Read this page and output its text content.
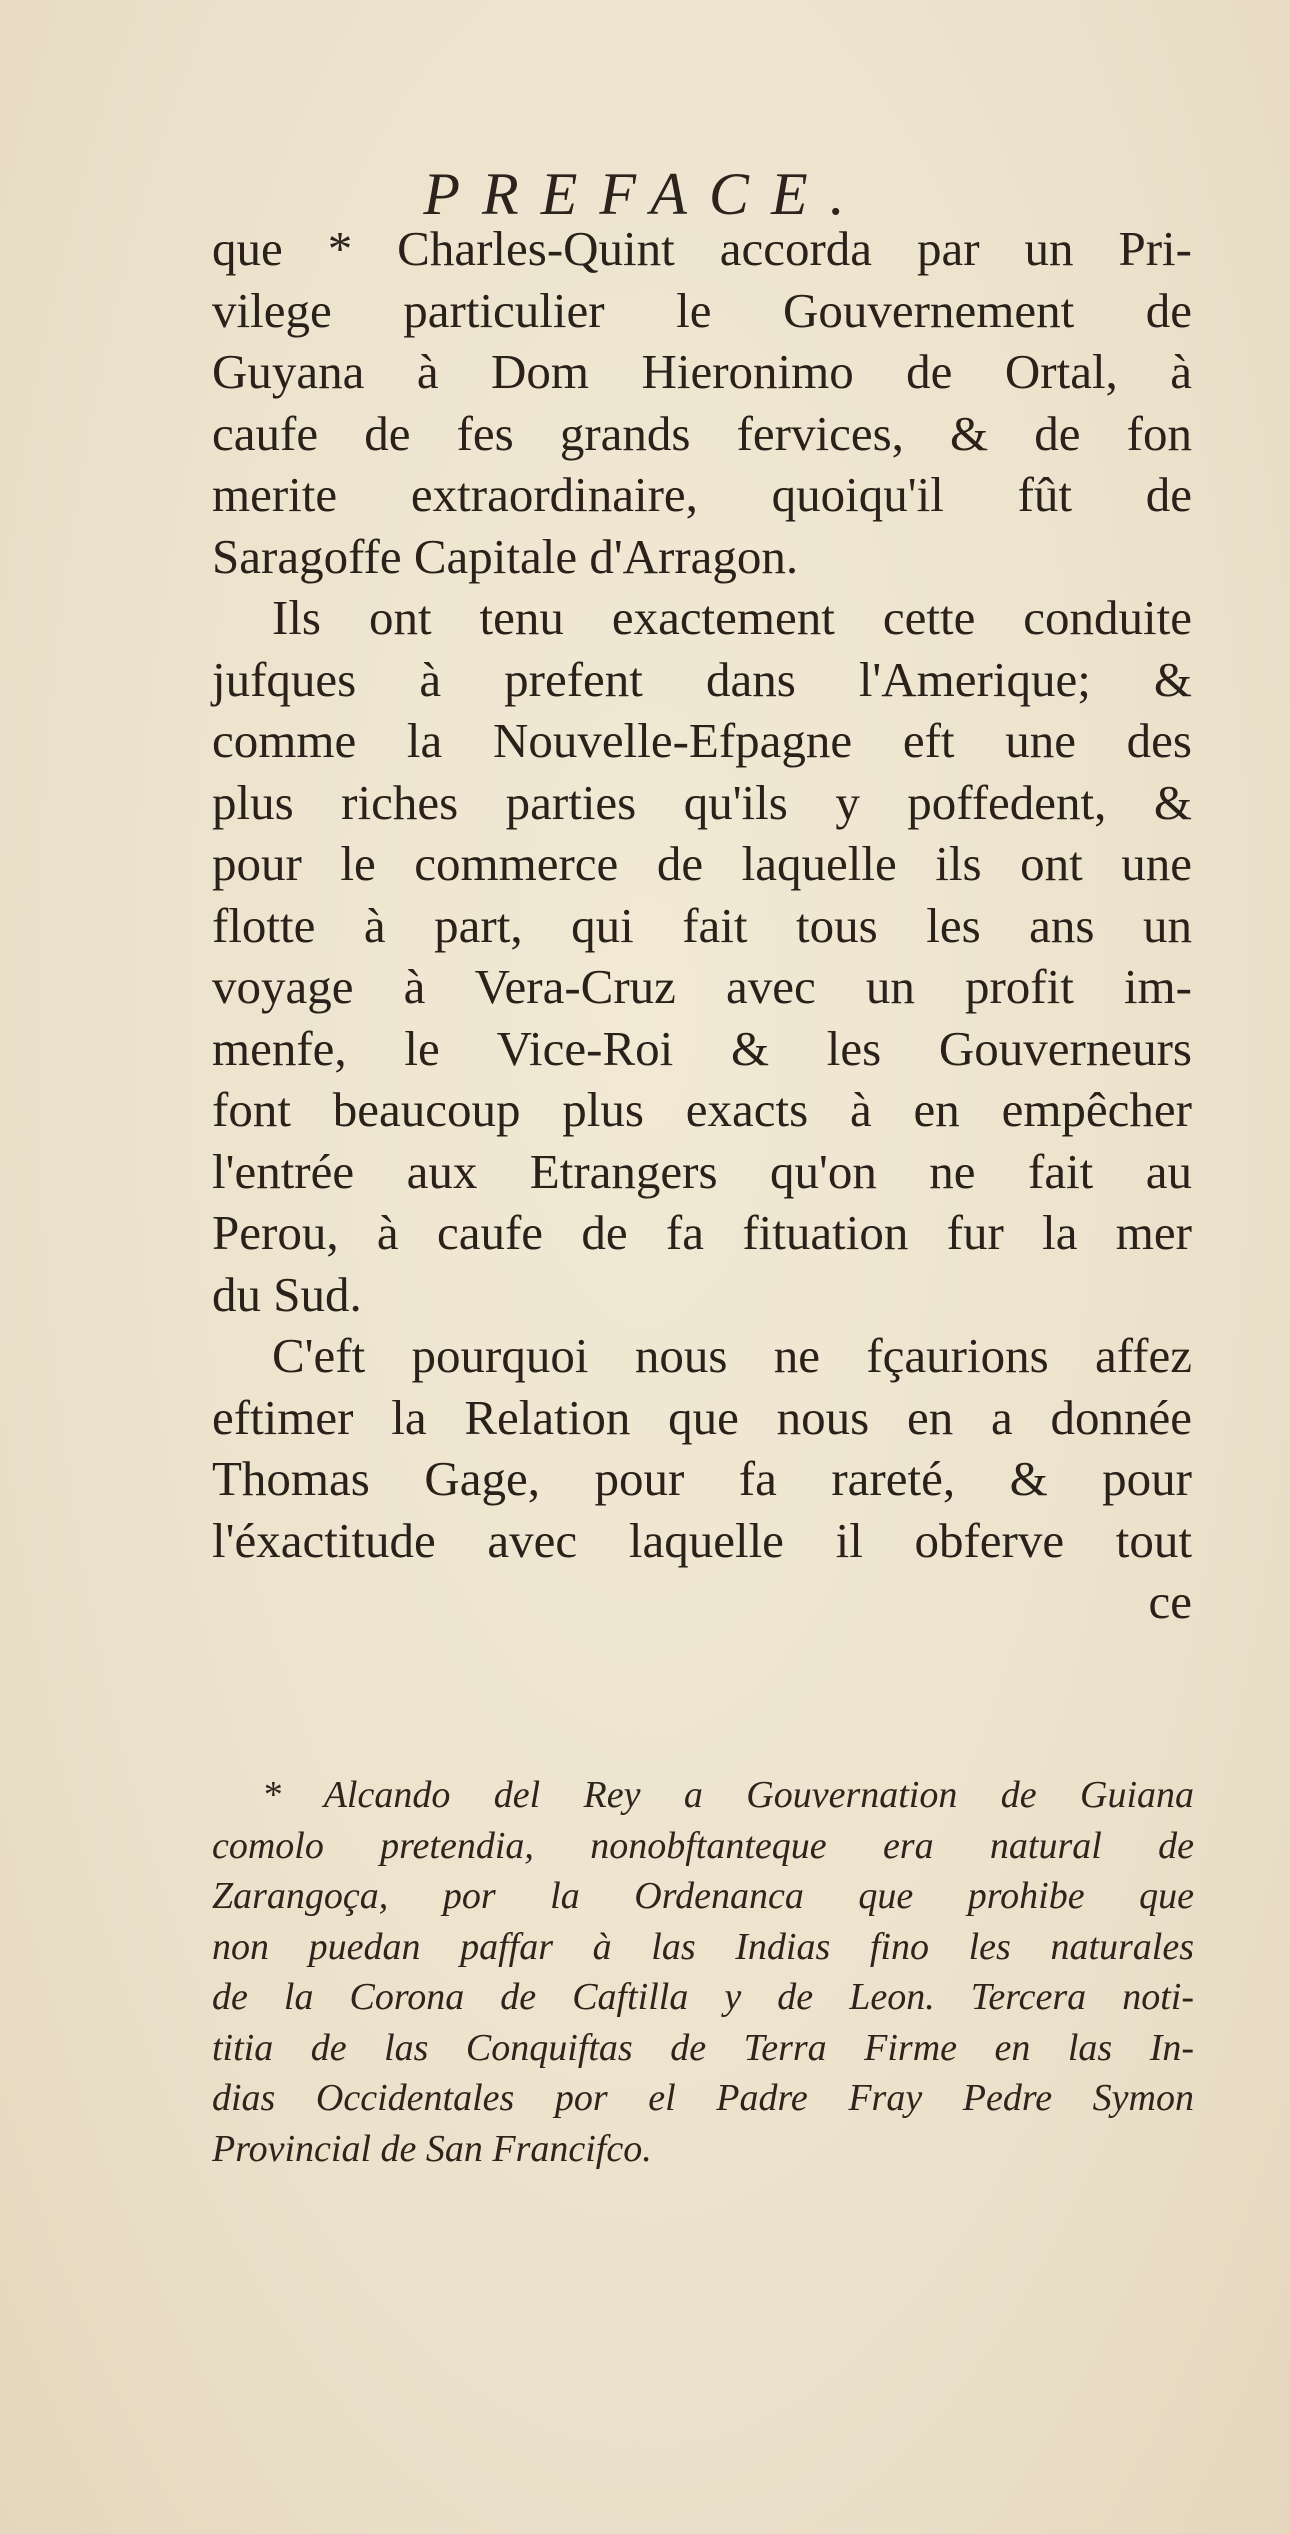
PREFACE.
que * Charles-Quint accorda par un Pri-
vilege particulier le Gouvernement de
Guyana à Dom Hieronimo de Ortal, à
caufe de fes grands fervices, & de fon
merite extraordinaire, quoiqu'il fût de
Saragoffe Capitale d'Arragon.
Ils ont tenu exactement cette conduite
jufques à prefent dans l'Amerique; &
comme la Nouvelle-Efpagne eft une des
plus riches parties qu'ils y poffedent, &
pour le commerce de laquelle ils ont une
flotte à part, qui fait tous les ans un
voyage à Vera-Cruz avec un profit im-
menfe, le Vice-Roi & les Gouverneurs
font beaucoup plus exacts à en empêcher
l'entrée aux Etrangers qu'on ne fait au
Perou, à caufe de fa fituation fur la mer
du Sud.
C'eft pourquoi nous ne fçaurions affez
eftimer la Relation que nous en a donnée
Thomas Gage, pour fa rareté, & pour
l'éxactitude avec laquelle il obferve tout
ce
* Alcando del Rey a Gouvernation de Guiana
comolo pretendia, nonobftanteque era natural de
Zarangoça, por la Ordenanca que prohibe que
non puedan paffar à las Indias fino les naturales
de la Corona de Caftilla y de Leon. Tercera noti-
titia de las Conquiftas de Terra Firme en las In-
dias Occidentales por el Padre Fray Pedre Symon
Provincial de San Francifco.
